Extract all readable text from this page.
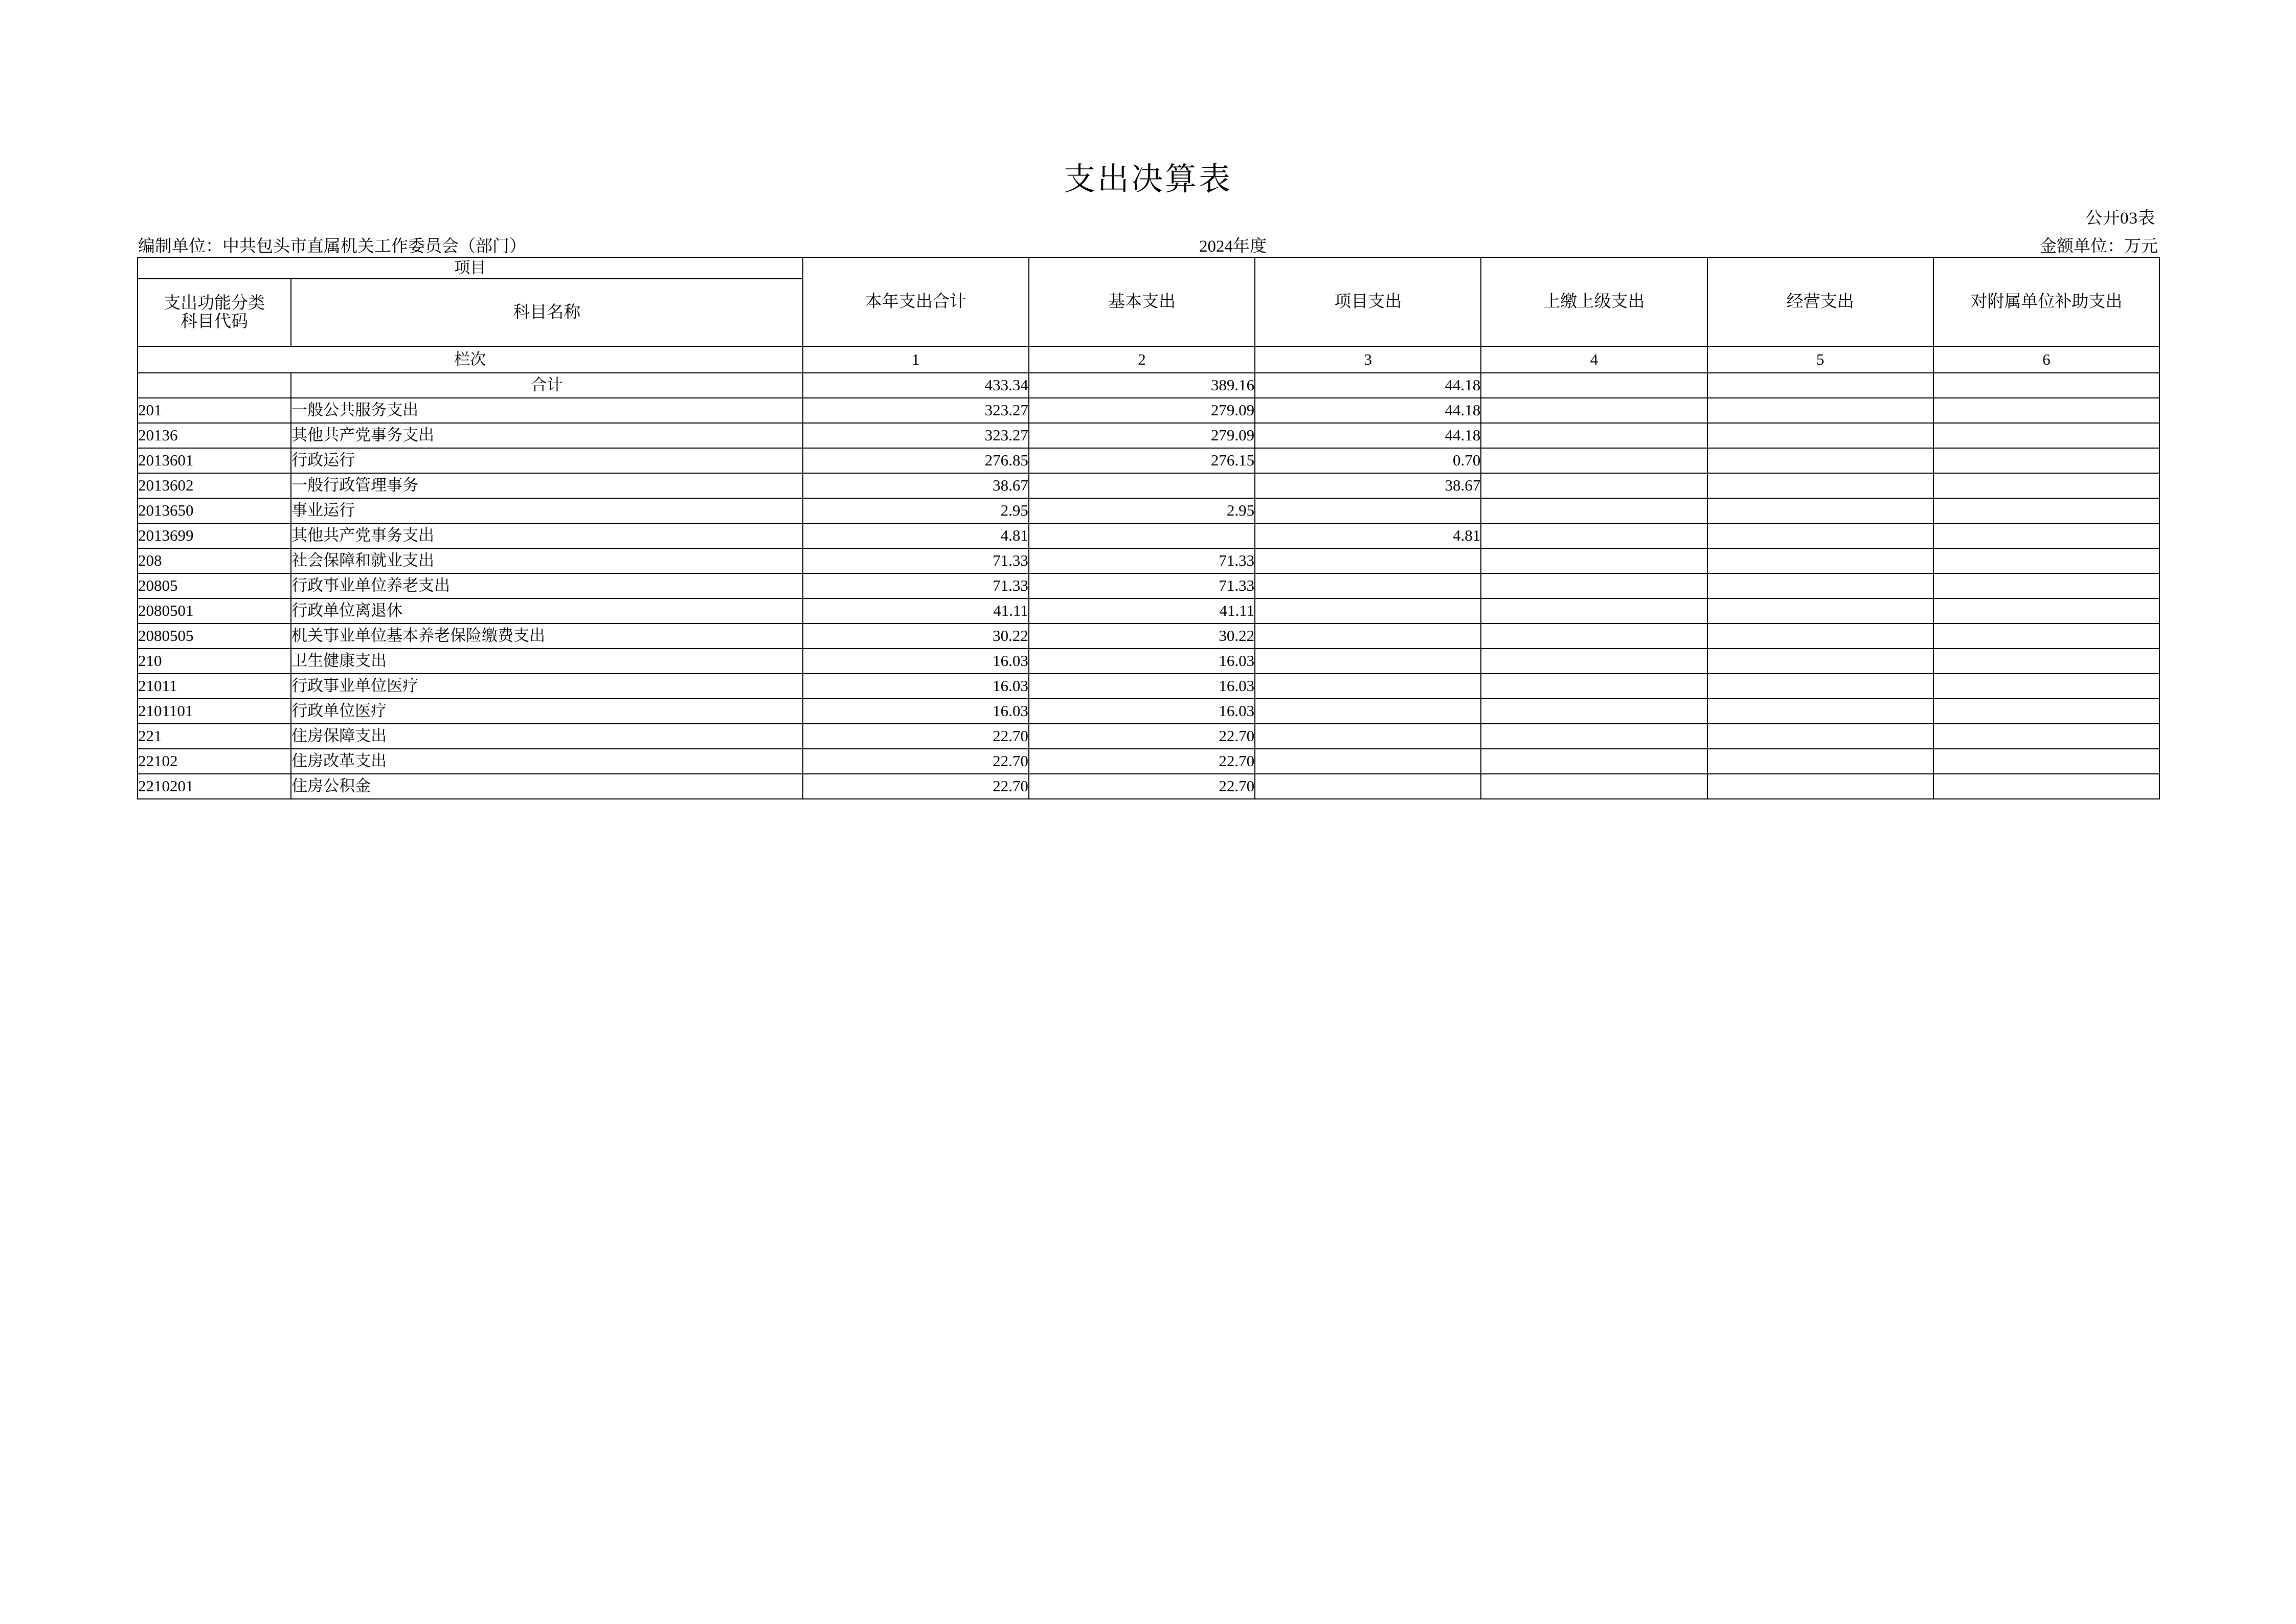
支出决算表
公开03表
编制单位：中共包头市直属机关工作委员会（部门）	2024年度	金额单位：万元
项目		本年支出合计	基本支出	项目支出	上缴上级支出	经营支出	对附属单位补助支出

支出功能分类
科目代码	科目名称						
栏次		1	2	3	4	5	6
	合计	433.34	389.16	44.18			
201	一般公共服务支出	323.27	279.09	44.18			
20136	其他共产党事务支出	323.27	279.09	44.18			
2013601	行政运行	276.85	276.15	0.70			
2013602	一般行政管理事务	38.67		38.67			
2013650	事业运行	2.95	2.95				
2013699	其他共产党事务支出	4.81		4.81			
208	社会保障和就业支出	71.33	71.33				
20805	行政事业单位养老支出	71.33	71.33				
2080501	行政单位离退休	41.11	41.11				
2080505	机关事业单位基本养老保险缴费支出	30.22	30.22				
210	卫生健康支出	16.03	16.03				
21011	行政事业单位医疗	16.03	16.03				
2101101	行政单位医疗	16.03	16.03				
221	住房保障支出	22.70	22.70				
22102	住房改革支出	22.70	22.70				
2210201	住房公积金	22.70	22.70				
